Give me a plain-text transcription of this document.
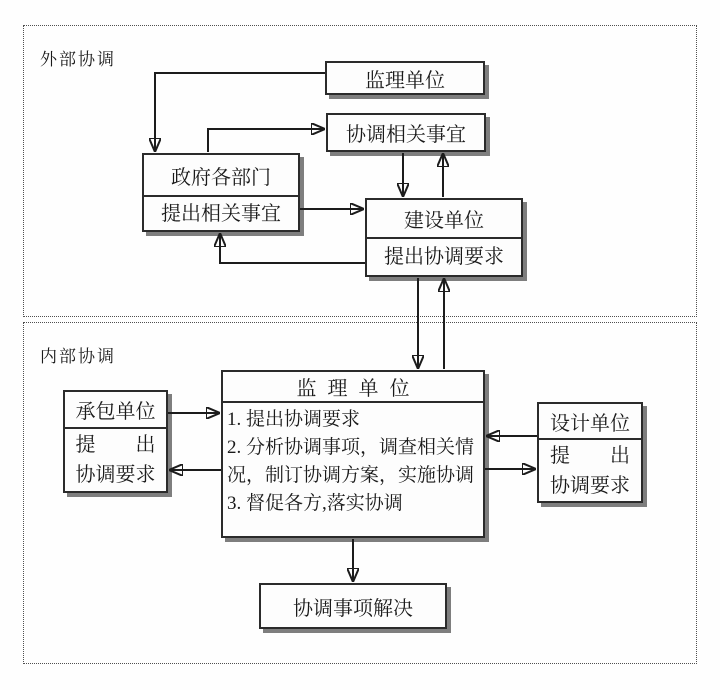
外部协调
内部协调
监理单位
协调相关事宜
政府各部门
提出相关事宜	建设单位
提出协调要求
承包单位
提　　出
协调要求
监理单位
1. 提出协调要求
2. 分析协调事项，调查相关情
况，制订协调方案，实施协调
3. 督促各方,落实协调
设计单位
提　　出
协调要求
协调事项解决
